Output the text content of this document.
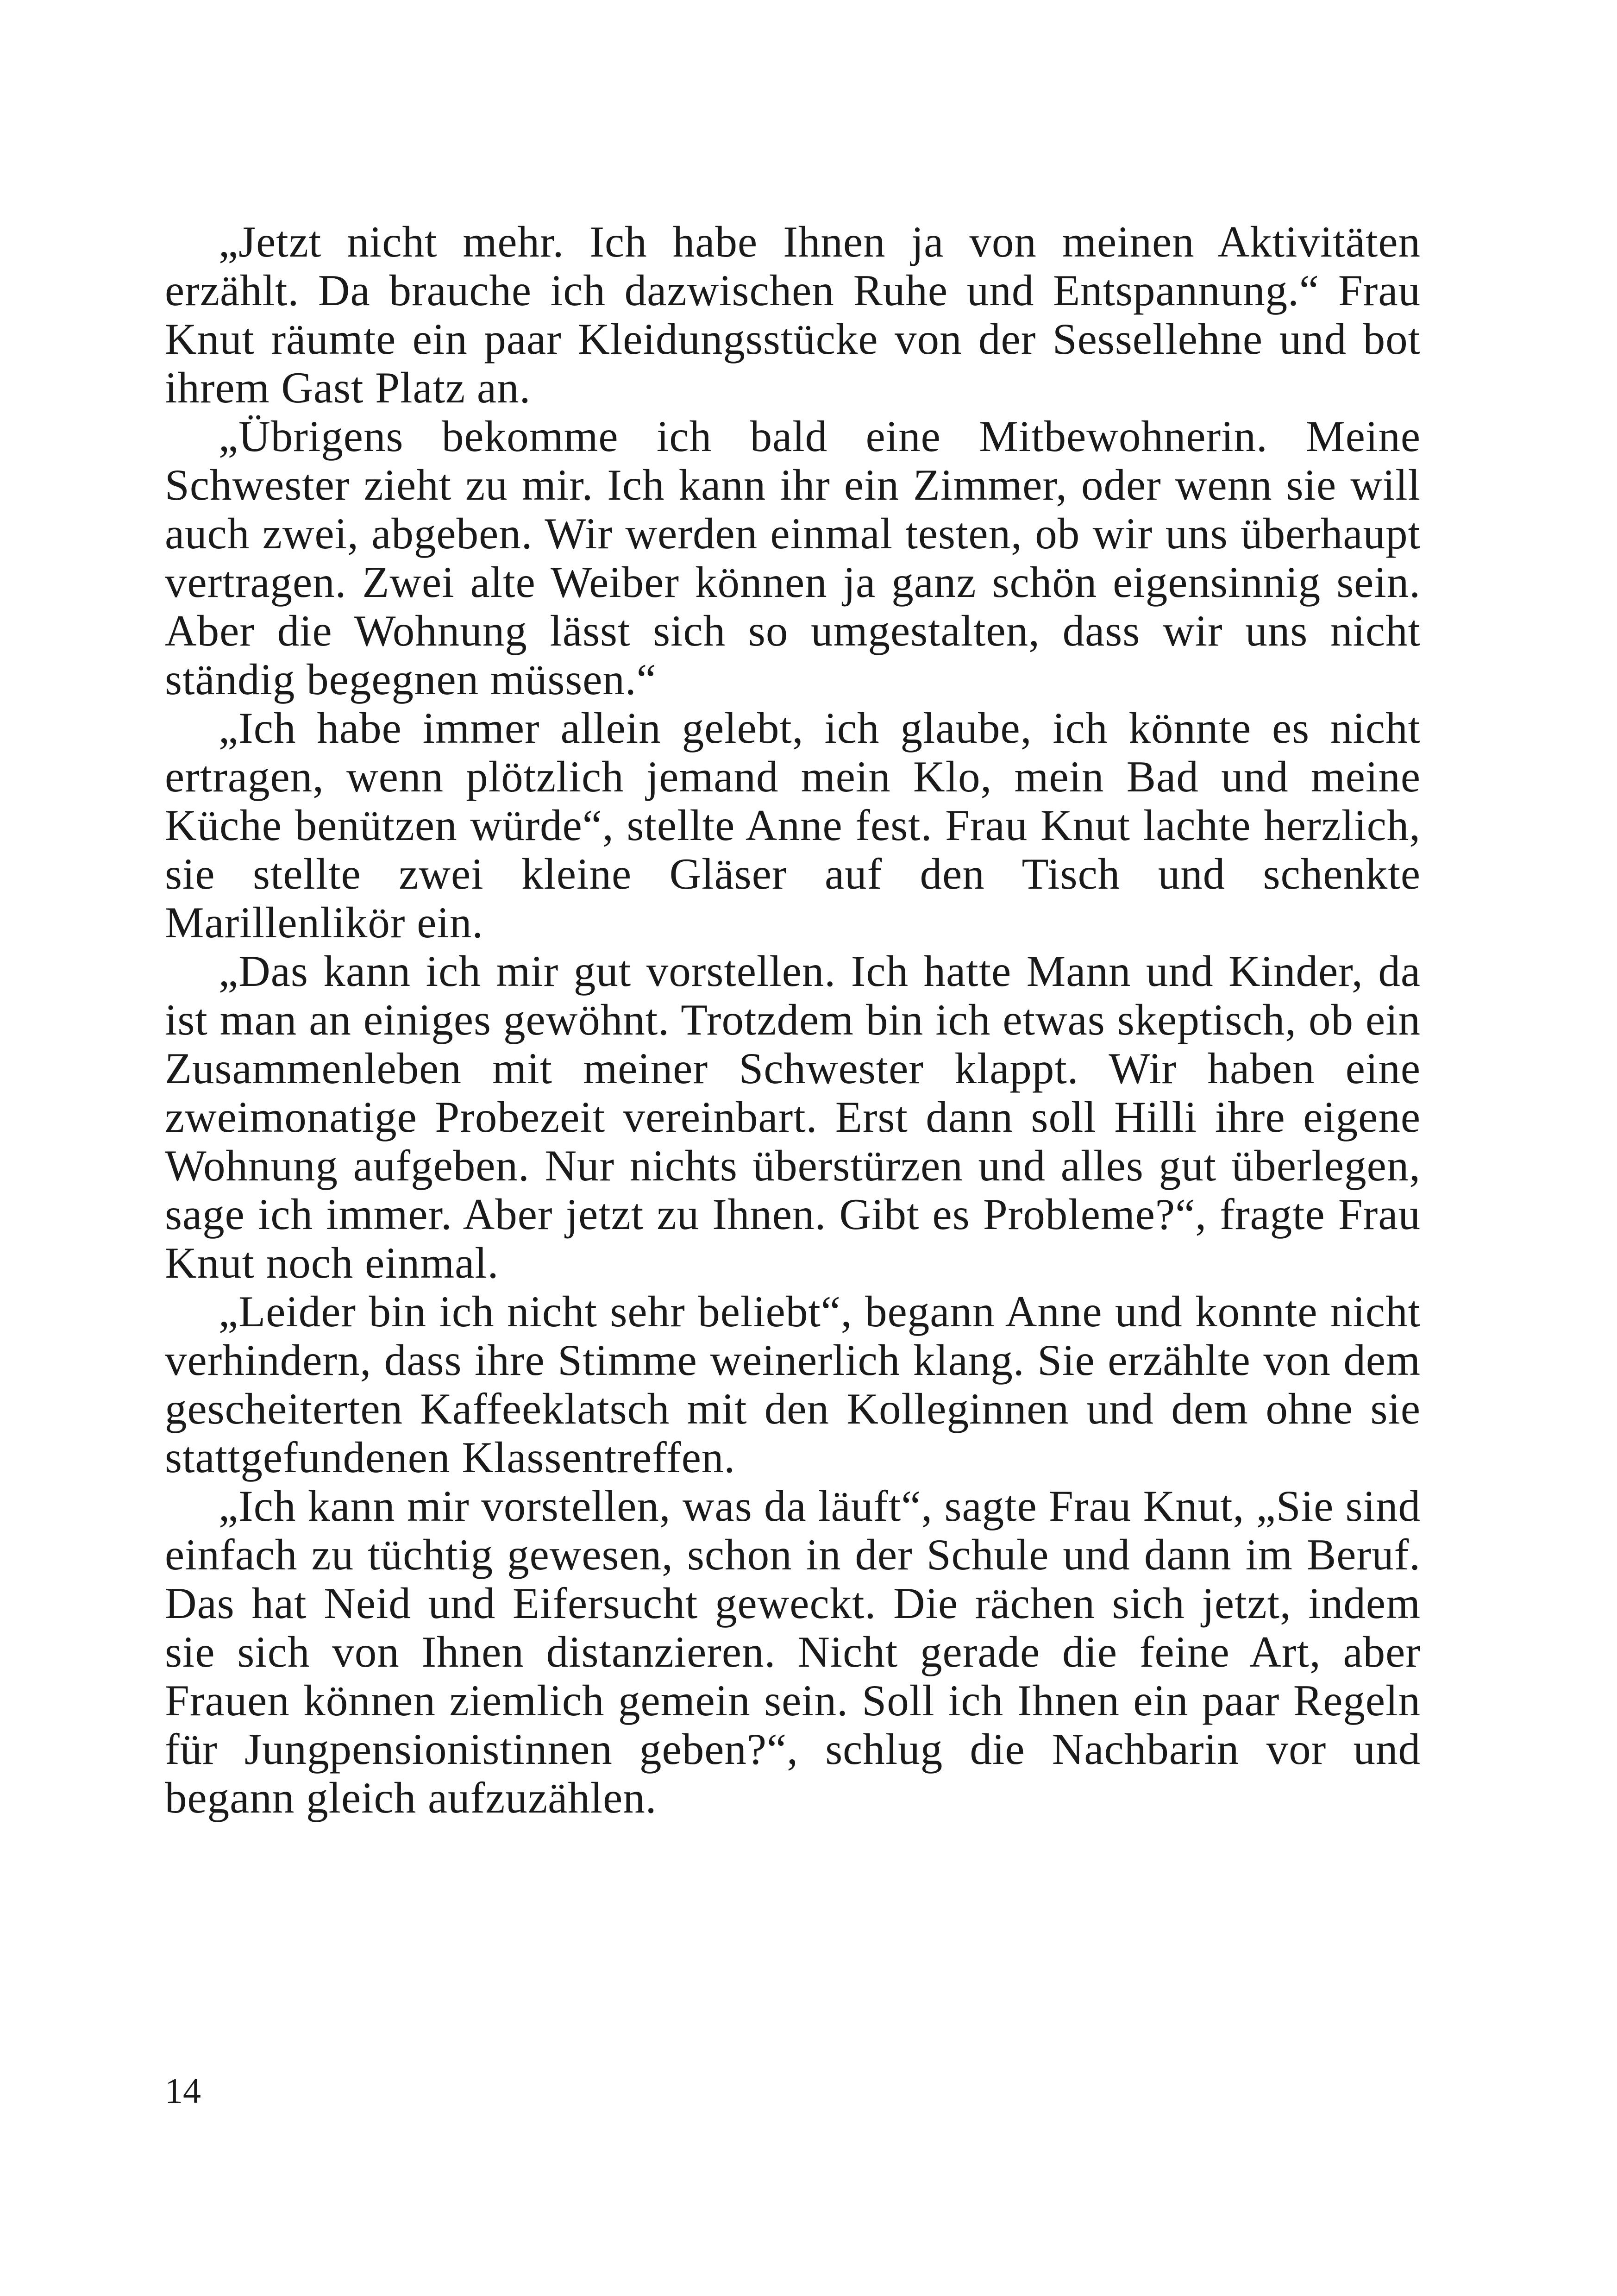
„Jetzt nicht mehr. Ich habe Ihnen ja von meinen Aktivitäten erzählt. Da brauche ich dazwischen Ruhe und Entspannung.“ Frau Knut räumte ein paar Kleidungsstücke von der Sessellehne und bot ihrem Gast Platz an.

„Übrigens bekomme ich bald eine Mitbewohnerin. Meine Schwester zieht zu mir. Ich kann ihr ein Zimmer, oder wenn sie will auch zwei, abgeben. Wir werden einmal testen, ob wir uns überhaupt vertragen. Zwei alte Weiber können ja ganz schön eigensinnig sein. Aber die Wohnung lässt sich so umgestalten, dass wir uns nicht ständig begegnen müssen.“

„Ich habe immer allein gelebt, ich glaube, ich könnte es nicht ertragen, wenn plötzlich jemand mein Klo, mein Bad und meine Küche benützen würde“, stellte Anne fest. Frau Knut lachte herzlich, sie stellte zwei kleine Gläser auf den Tisch und schenkte Marillenlikör ein.

„Das kann ich mir gut vorstellen. Ich hatte Mann und Kinder, da ist man an einiges gewöhnt. Trotzdem bin ich etwas skeptisch, ob ein Zusammenleben mit meiner Schwester klappt. Wir haben eine zweimonatige Probezeit vereinbart. Erst dann soll Hilli ihre eigene Wohnung aufgeben. Nur nichts überstürzen und alles gut überlegen, sage ich immer. Aber jetzt zu Ihnen. Gibt es Probleme?“, fragte Frau Knut noch einmal.

„Leider bin ich nicht sehr beliebt“, begann Anne und konnte nicht verhindern, dass ihre Stimme weinerlich klang. Sie erzählte von dem gescheiterten Kaffeeklatsch mit den Kolleginnen und dem ohne sie stattgefundenen Klassentreffen.

„Ich kann mir vorstellen, was da läuft“, sagte Frau Knut, „Sie sind einfach zu tüchtig gewesen, schon in der Schule und dann im Beruf. Das hat Neid und Eifersucht geweckt. Die rächen sich jetzt, indem sie sich von Ihnen distanzieren. Nicht gerade die feine Art, aber Frauen können ziemlich gemein sein. Soll ich Ihnen ein paar Regeln für Jungpensionistinnen geben?“, schlug die Nachbarin vor und begann gleich aufzuzählen.

14
